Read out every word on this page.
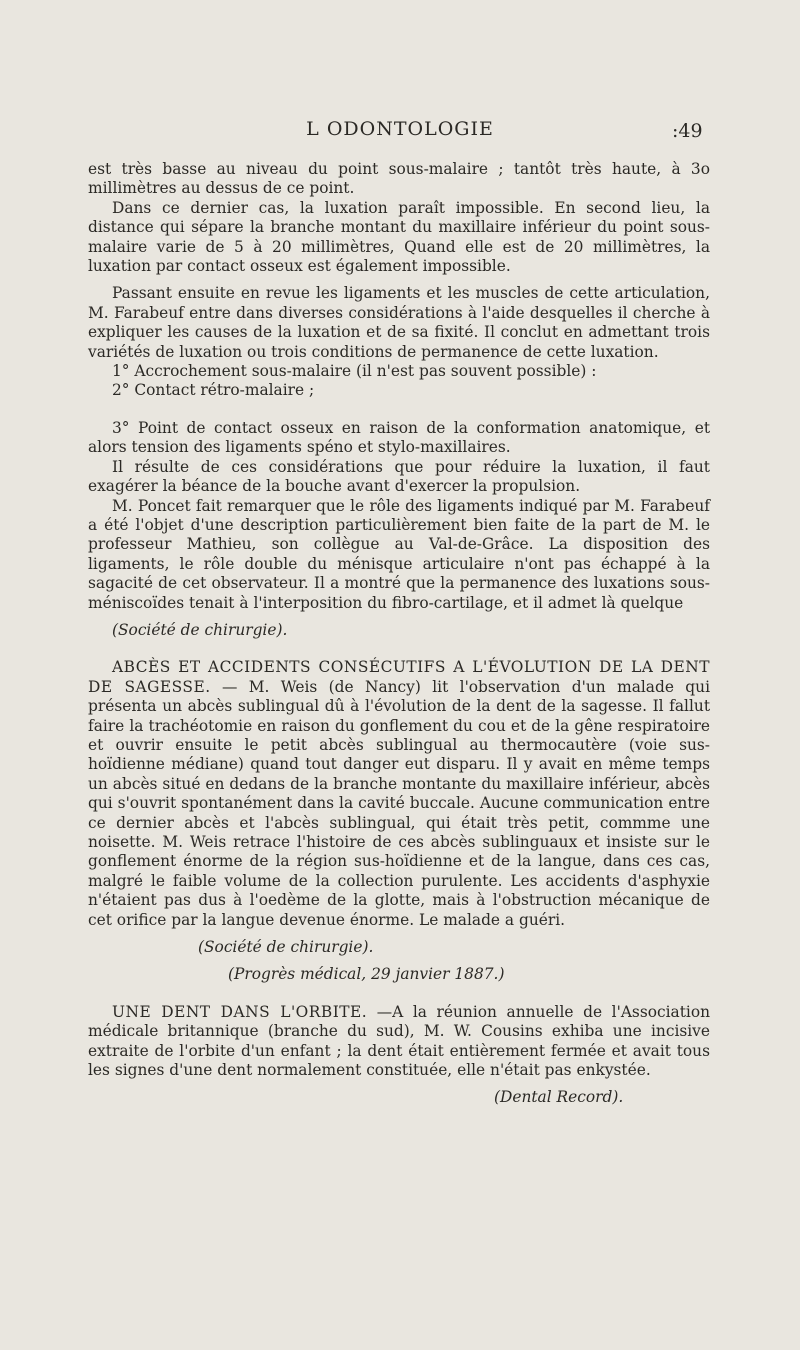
L ODONTOLOGIE	:49

est très basse au niveau du point sous-malaire ; tantôt très haute, à 3o millimètres au dessus de ce point.

Dans ce dernier cas, la luxation paraît impossible. En second lieu, la distance qui sépare la branche montant du maxillaire inférieur du point sous-malaire varie de 5 à 20 millimètres, Quand elle est de 20 millimètres, la luxation par contact osseux est également impossible.

Passant ensuite en revue les ligaments et les muscles de cette articulation, M. Farabeuf entre dans diverses considérations à l'aide desquelles il cherche à expliquer les causes de la luxation et de sa fixité. Il conclut en admettant trois variétés de luxation ou trois conditions de permanence de cette luxation.

1° Accrochement sous-malaire (il n'est pas souvent possible) :

2° Contact rétro-malaire ;

3° Point de contact osseux en raison de la conformation anatomique, et alors tension des ligaments spéno et stylo-maxillaires.

Il résulte de ces considérations que pour réduire la luxation, il faut exagérer la béance de la bouche avant d'exercer la propulsion.

M. Poncet fait remarquer que le rôle des ligaments indiqué par M. Farabeuf a été l'objet d'une description particulièrement bien faite de la part de M. le professeur Mathieu, son collègue au Val-de-Grâce. La disposition des ligaments, le rôle double du ménisque articulaire n'ont pas échappé à la sagacité de cet observateur. Il a montré que la permanence des luxations sous-méniscoïdes tenait à l'interposition du fibro-cartilage, et il admet là quelque

(Société de chirurgie).

ABCÈS ET ACCIDENTS CONSÉCUTIFS A L'ÉVOLUTION DE LA DENT DE SAGESSE. — M. Weis (de Nancy) lit l'observation d'un malade qui présenta un abcès sublingual dû à l'évolution de la dent de la sagesse. Il fallut faire la trachéotomie en raison du gonflement du cou et de la gêne respiratoire et ouvrir ensuite le petit abcès sublingual au thermocautère (voie sus-hoïdienne médiane) quand tout danger eut disparu. Il y avait en même temps un abcès situé en dedans de la branche montante du maxillaire inférieur, abcès qui s'ouvrit spontanément dans la cavité buccale. Aucune communication entre ce dernier abcès et l'abcès sublingual, qui était très petit, commme une noisette. M. Weis retrace l'histoire de ces abcès sublinguaux et insiste sur le gonflement énorme de la région sus-hoïdienne et de la langue, dans ces cas, malgré le faible volume de la collection purulente. Les accidents d'asphyxie n'étaient pas dus à l'oedème de la glotte, mais à l'obstruction mécanique de cet orifice par la langue devenue énorme. Le malade a guéri.

(Société de chirurgie).

(Progrès médical, 29 janvier 1887.)

UNE DENT DANS L'ORBITE. —A la réunion annuelle de l'Association médicale britannique (branche du sud), M. W. Cousins exhiba une incisive extraite de l'orbite d'un enfant ; la dent était entièrement fermée et avait tous les signes d'une dent normalement constituée, elle n'était pas enkystée.

(Dental Record).
